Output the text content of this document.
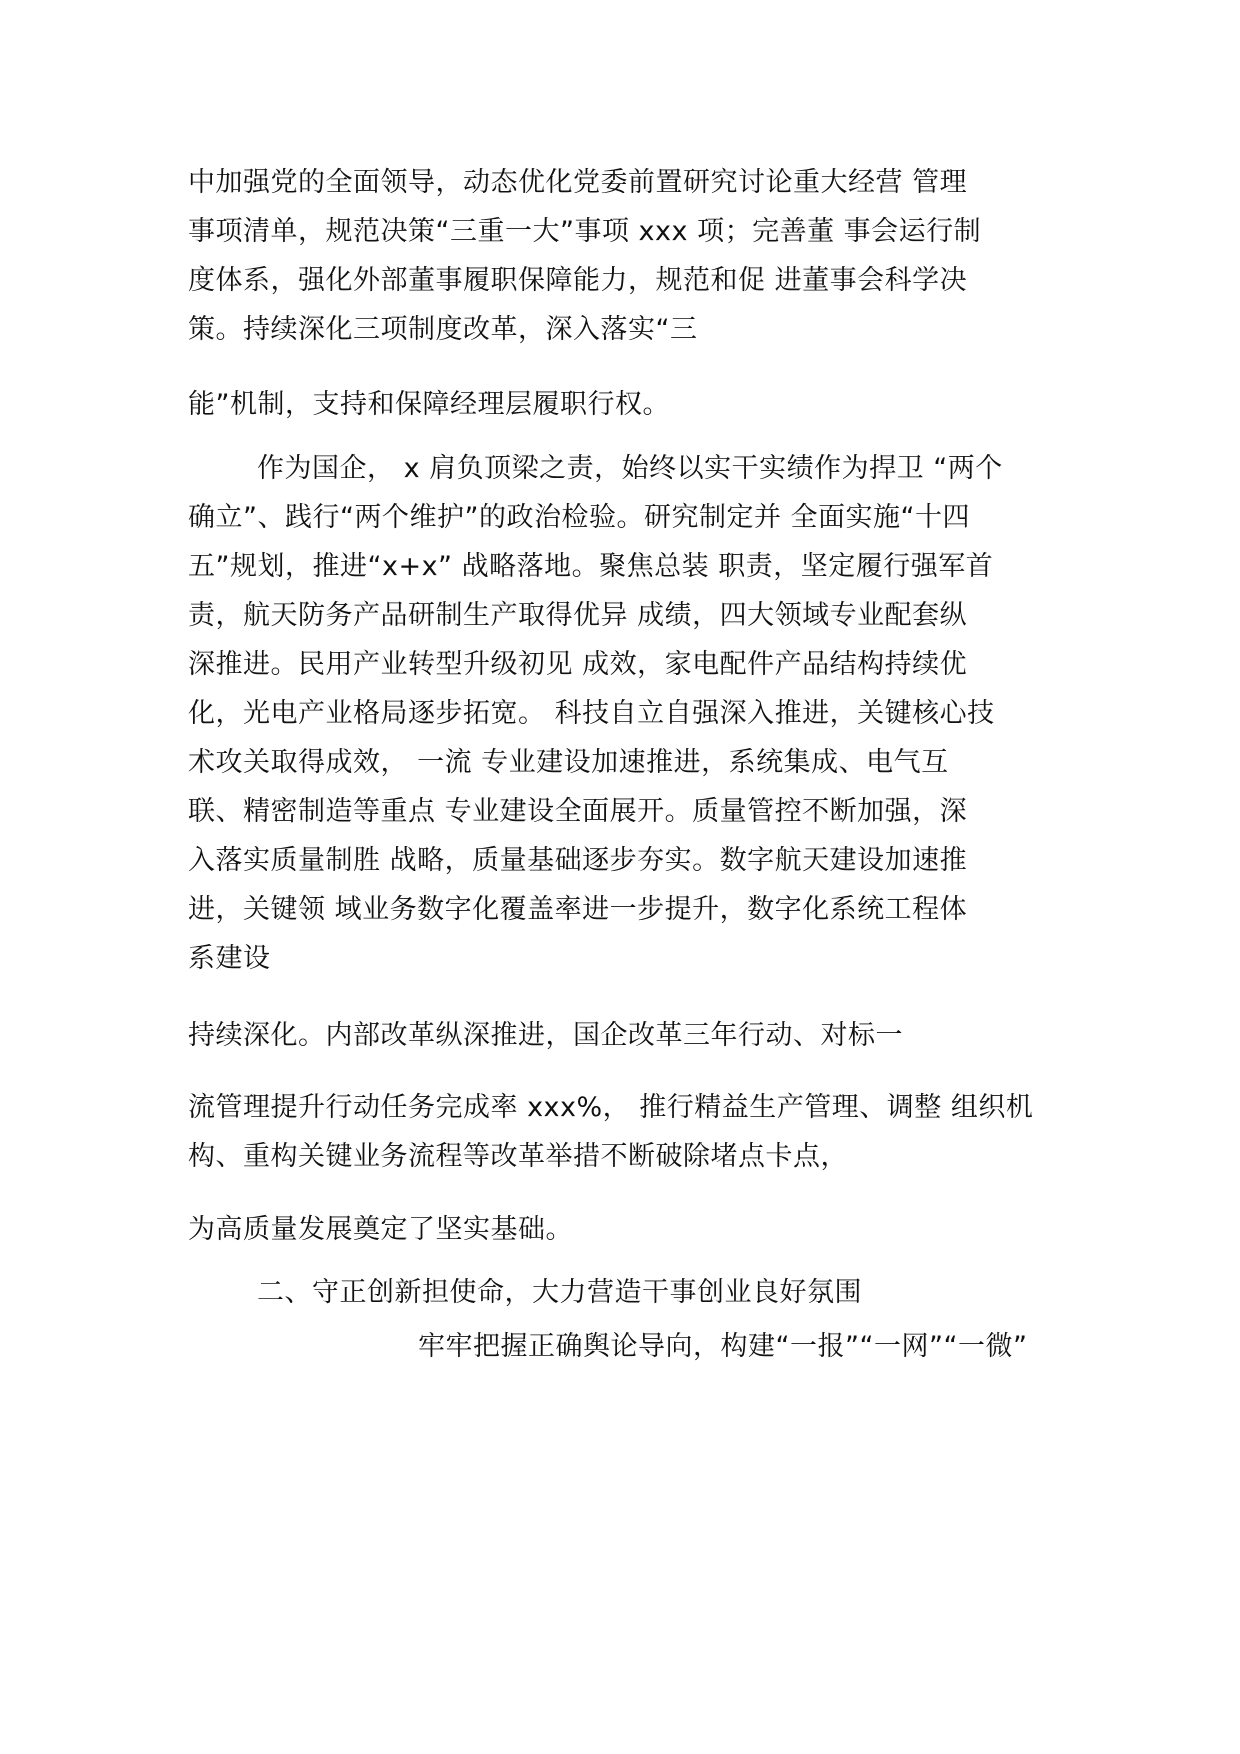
中加强党的全面领导，动态优化党委前置研究讨论重大经营 管理
事项清单，规范决策“三重一大”事项 xxx 项；完善董 事会运行制
度体系，强化外部董事履职保障能力，规范和促 进董事会科学决
策。持续深化三项制度改革，深入落实“三
能”机制，支持和保障经理层履职行权。
作为国企， x 肩负顶梁之责，始终以实干实绩作为捍卫 “两个
确立”、践行“两个维护”的政治检验。研究制定并 全面实施“十四
五”规划，推进“x+x” 战略落地。聚焦总装 职责，坚定履行强军首
责，航天防务产品研制生产取得优异 成绩，四大领域专业配套纵
深推进。民用产业转型升级初见 成效，家电配件产品结构持续优
化，光电产业格局逐步拓宽。 科技自立自强深入推进，关键核心技
术攻关取得成效， 一流 专业建设加速推进，系统集成、电气互
联、精密制造等重点 专业建设全面展开。质量管控不断加强，深
入落实质量制胜 战略，质量基础逐步夯实。数字航天建设加速推
进，关键领 域业务数字化覆盖率进一步提升，数字化系统工程体
系建设
持续深化。内部改革纵深推进，国企改革三年行动、对标一
流管理提升行动任务完成率 xxx%， 推行精益生产管理、调整 组织机
构、重构关键业务流程等改革举措不断破除堵点卡点，
为高质量发展奠定了坚实基础。
二、守正创新担使命，大力营造干事创业良好氛围
牢牢把握正确舆论导向，构建“一报”“一网”“一微”
